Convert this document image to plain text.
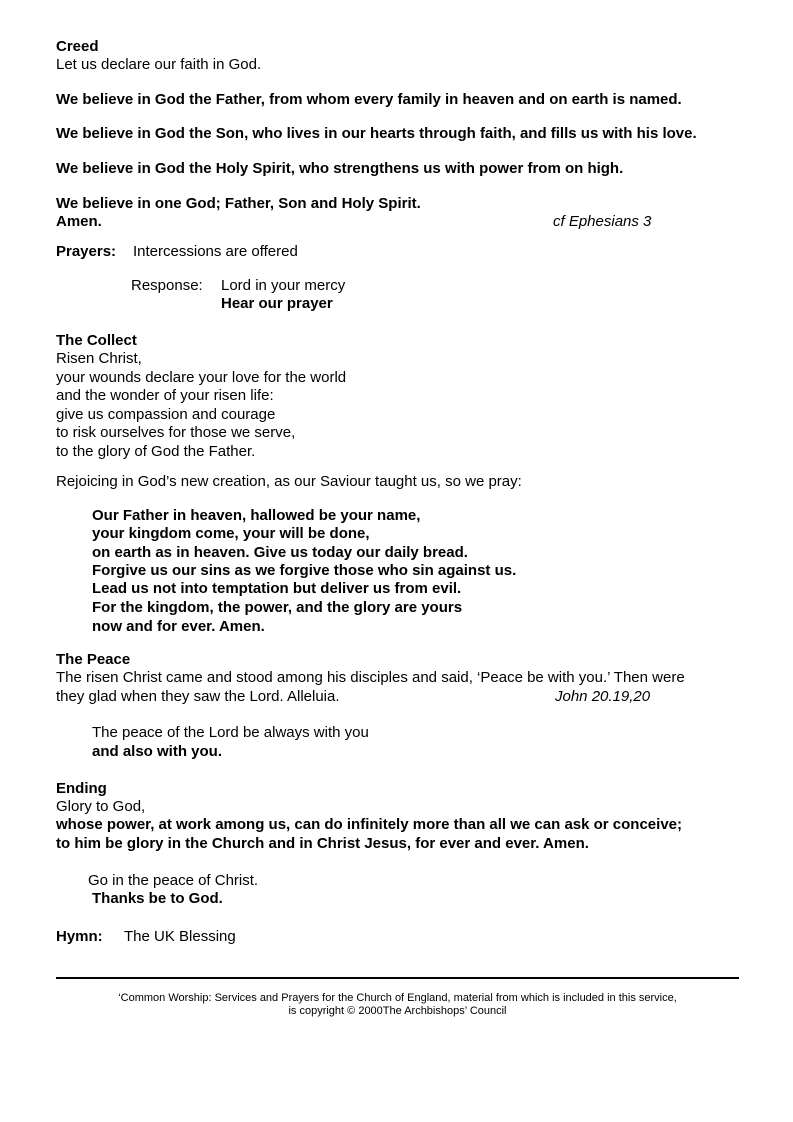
Creed
Let us declare our faith in God.
We believe in God the Father, from whom every family in heaven and on earth is named.
We believe in God the Son, who lives in our hearts through faith, and fills us with his love.
We believe in God the Holy Spirit, who strengthens us with power from on high.
We believe in one God; Father, Son and Holy Spirit.
Amen.	cf Ephesians 3
Prayers: Intercessions are offered
Response: Lord in your mercy
Hear our prayer
The Collect
Risen Christ,
your wounds declare your love for the world
and the wonder of your risen life:
give us compassion and courage
to risk ourselves for those we serve,
to the glory of God the Father.
Rejoicing in God’s new creation, as our Saviour taught us, so we pray:
Our Father in heaven, hallowed be your name,
your kingdom come, your will be done,
on earth as in heaven. Give us today our daily bread.
Forgive us our sins as we forgive those who sin against us.
Lead us not into temptation but deliver us from evil.
For the kingdom, the power, and the glory are yours
now and for ever. Amen.
The Peace
The risen Christ came and stood among his disciples and said, ‘Peace be with you.’ Then were
they glad when they saw the Lord. Alleluia.	John 20.19,20
The peace of the Lord be always with you
and also with you.
Ending
Glory to God,
whose power, at work among us, can do infinitely more than all we can ask or conceive;
to him be glory in the Church and in Christ Jesus, for ever and ever. Amen.
Go in the peace of Christ.
Thanks be to God.
Hymn: The UK Blessing
‘Common Worship: Services and Prayers for the Church of England, material from which is included in this service,
is copyright © 2000The Archbishops’ Council
